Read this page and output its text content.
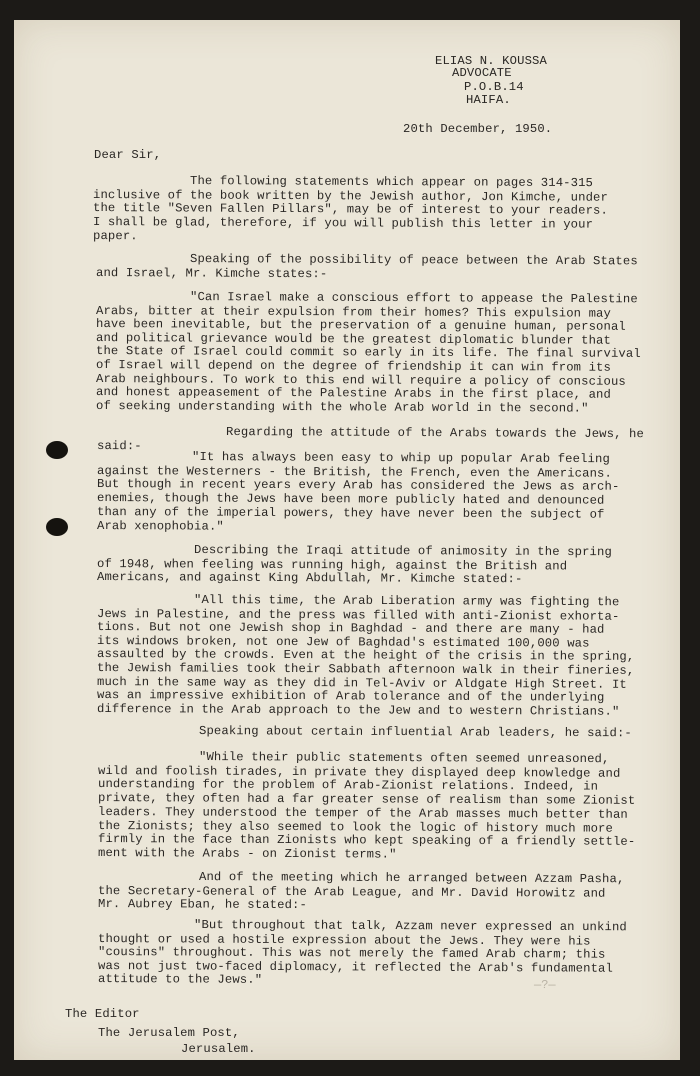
ELIAS N. KOUSSA
ADVOCATE
P.O.B.14
HAIFA.
20th December, 1950.
Dear Sir,
The following statements which appear on pages 314-315
inclusive of the book written by the Jewish author, Jon Kimche, under
the title "Seven Fallen Pillars", may be of interest to your readers.
I shall be glad, therefore, if you will publish this letter in your
paper.
Speaking of the possibility of peace between the Arab States
and Israel, Mr. Kimche states:-
"Can Israel make a conscious effort to appease the Palestine
Arabs, bitter at their expulsion from their homes? This expulsion may
have been inevitable, but the preservation of a genuine human, personal
and political grievance would be the greatest diplomatic blunder that
the State of Israel could commit so early in its life. The final survival
of Israel will depend on the degree of friendship it can win from its
Arab neighbours. To work to this end will require a policy of conscious
and honest appeasement of the Palestine Arabs in the first place, and
of seeking understanding with the whole Arab world in the second."
Regarding the attitude of the Arabs towards the Jews, he
said:-
"It has always been easy to whip up popular Arab feeling
against the Westerners - the British, the French, even the Americans.
But though in recent years every Arab has considered the Jews as arch-
enemies, though the Jews have been more publicly hated and denounced
than any of the imperial powers, they have never been the subject of
Arab xenophobia."
Describing the Iraqi attitude of animosity in the spring
of 1948, when feeling was running high, against the British and
Americans, and against King Abdullah, Mr. Kimche stated:-
"All this time, the Arab Liberation army was fighting the
Jews in Palestine, and the press was filled with anti-Zionist exhorta-
tions. But not one Jewish shop in Baghdad - and there are many - had
its windows broken, not one Jew of Baghdad's estimated 100,000 was
assaulted by the crowds. Even at the height of the crisis in the spring,
the Jewish families took their Sabbath afternoon walk in their fineries,
much in the same way as they did in Tel-Aviv or Aldgate High Street. It
was an impressive exhibition of Arab tolerance and of the underlying
difference in the Arab approach to the Jew and to western Christians."
Speaking about certain influential Arab leaders, he said:-
"While their public statements often seemed unreasoned,
wild and foolish tirades, in private they displayed deep knowledge and
understanding for the problem of Arab-Zionist relations. Indeed, in
private, they often had a far greater sense of realism than some Zionist
leaders. They understood the temper of the Arab masses much better than
the Zionists; they also seemed to look the logic of history much more
firmly in the face than Zionists who kept speaking of a friendly settle-
ment with the Arabs - on Zionist terms."
And of the meeting which he arranged between Azzam Pasha,
the Secretary-General of the Arab League, and Mr. David Horowitz and
Mr. Aubrey Eban, he stated:-
"But throughout that talk, Azzam never expressed an unkind
thought or used a hostile expression about the Jews. They were his
"cousins" throughout. This was not merely the famed Arab charm; this
was not just two-faced diplomacy, it reflected the Arab's fundamental
attitude to the Jews."
The Editor
The Jerusalem Post,
Jerusalem.
—?—
